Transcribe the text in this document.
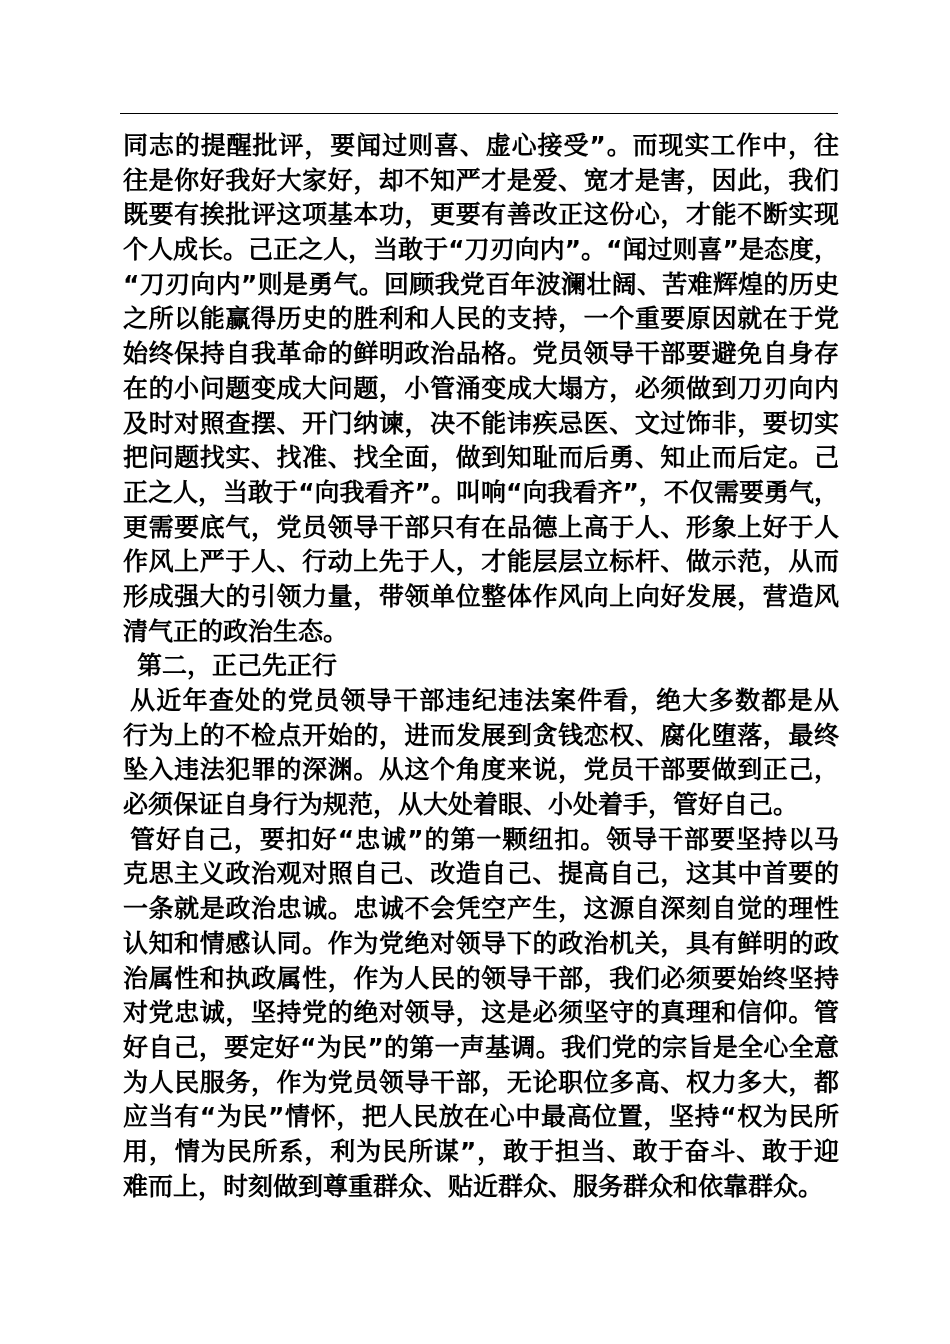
同志的提醒批评，要闻过则喜、虚心接受”。而现实工作中，往
往是你好我好大家好，却不知严才是爱、宽才是害，因此，我们
既要有挨批评这项基本功，更要有善改正这份心，才能不断实现
个人成长。己正之人，当敢于“刀刃向内”。“闻过则喜”是态度，
“刀刃向内”则是勇气。回顾我党百年波澜壮阔、苦难辉煌的历史
之所以能赢得历史的胜利和人民的支持，一个重要原因就在于党
始终保持自我革命的鲜明政治品格。党员领导干部要避免自身存
在的小问题变成大问题，小管涌变成大塌方，必须做到刀刃向内
及时对照查摆、开门纳谏，决不能讳疾忌医、文过饰非，要切实
把问题找实、找准、找全面，做到知耻而后勇、知止而后定。己
正之人，当敢于“向我看齐”。叫响“向我看齐”，不仅需要勇气，
更需要底气，党员领导干部只有在品德上高于人、形象上好于人
作风上严于人、行动上先于人，才能层层立标杆、做示范，从而
形成强大的引领力量，带领单位整体作风向上向好发展，营造风
清气正的政治生态。
第二，正己先正行
从近年查处的党员领导干部违纪违法案件看，绝大多数都是从
行为上的不检点开始的，进而发展到贪钱恋权、腐化堕落，最终
坠入违法犯罪的深渊。从这个角度来说，党员干部要做到正己，
必须保证自身行为规范，从大处着眼、小处着手，管好自己。
管好自己，要扣好“忠诚”的第一颗纽扣。领导干部要坚持以马
克思主义政治观对照自己、改造自己、提高自己，这其中首要的
一条就是政治忠诚。忠诚不会凭空产生，这源自深刻自觉的理性
认知和情感认同。作为党绝对领导下的政治机关，具有鲜明的政
治属性和执政属性，作为人民的领导干部，我们必须要始终坚持
对党忠诚，坚持党的绝对领导，这是必须坚守的真理和信仰。管
好自己，要定好“为民”的第一声基调。我们党的宗旨是全心全意
为人民服务，作为党员领导干部，无论职位多高、权力多大，都
应当有“为民”情怀，把人民放在心中最高位置，坚持“权为民所
用，情为民所系，利为民所谋”，敢于担当、敢于奋斗、敢于迎
难而上，时刻做到尊重群众、贴近群众、服务群众和依靠群众。
